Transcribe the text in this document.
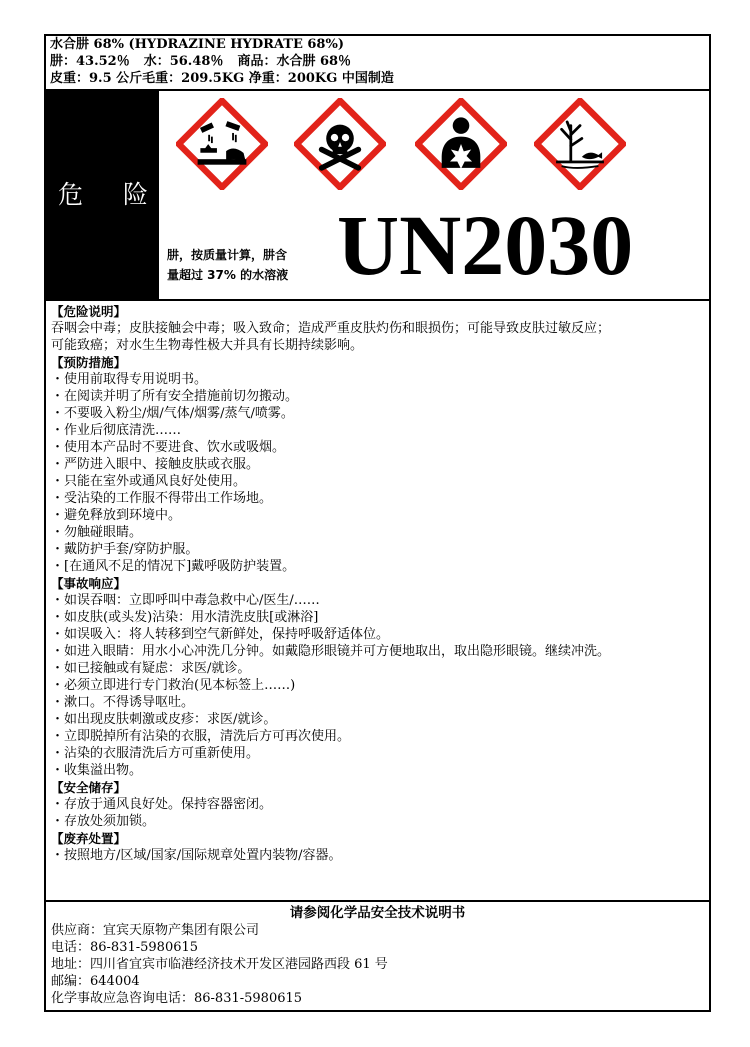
水合肼 68% (HYDRAZINE HYDRATE 68%)
肼：43.52％ 水：56.48％ 商品：水合肼 68％
皮重：9.5 公斤毛重：209.5KG 净重：200KG 中国制造
危 险
肼，按质量计算，肼含
量超过 37% 的水溶液 UN2030
【危险说明】
吞咽会中毒；皮肤接触会中毒；吸入致命；造成严重皮肤灼伤和眼损伤；可能导致皮肤过敏反应；
可能致癌；对水生生物毒性极大并具有长期持续影响。
【预防措施】
・使用前取得专用说明书。
・在阅读并明了所有安全措施前切勿搬动。
・不要吸入粉尘/烟/气体/烟雾/蒸气/喷雾。
・作业后彻底清洗……
・使用本产品时不要进食、饮水或吸烟。
・严防进入眼中、接触皮肤或衣服。
・只能在室外或通风良好处使用。
・受沾染的工作服不得带出工作场地。
・避免释放到环境中。
・勿触碰眼睛。
・戴防护手套/穿防护服。
・[在通风不足的情况下]戴呼吸防护装置。
【事故响应】
・如误吞咽：立即呼叫中毒急救中心/医生/……
・如皮肤(或头发)沾染：用水清洗皮肤[或淋浴]
・如误吸入：将人转移到空气新鲜处，保持呼吸舒适体位。
・如进入眼睛：用水小心冲洗几分钟。如戴隐形眼镜并可方便地取出，取出隐形眼镜。继续冲洗。
・如已接触或有疑虑：求医/就诊。
・必须立即进行专门救治(见本标签上……)
・漱口。不得诱导呕吐。
・如出现皮肤刺激或皮疹：求医/就诊。
・立即脱掉所有沾染的衣服，清洗后方可再次使用。
・沾染的衣服清洗后方可重新使用。
・收集溢出物。
【安全储存】
・存放于通风良好处。保持容器密闭。
・存放处须加锁。
【废弃处置】
・按照地方/区域/国家/国际规章处置内装物/容器。
请参阅化学品安全技术说明书
供应商：宜宾天原物产集团有限公司
电话：86-831-5980615
地址：四川省宜宾市临港经济技术开发区港园路西段 61 号
邮编：644004
化学事故应急咨询电话：86-831-5980615
